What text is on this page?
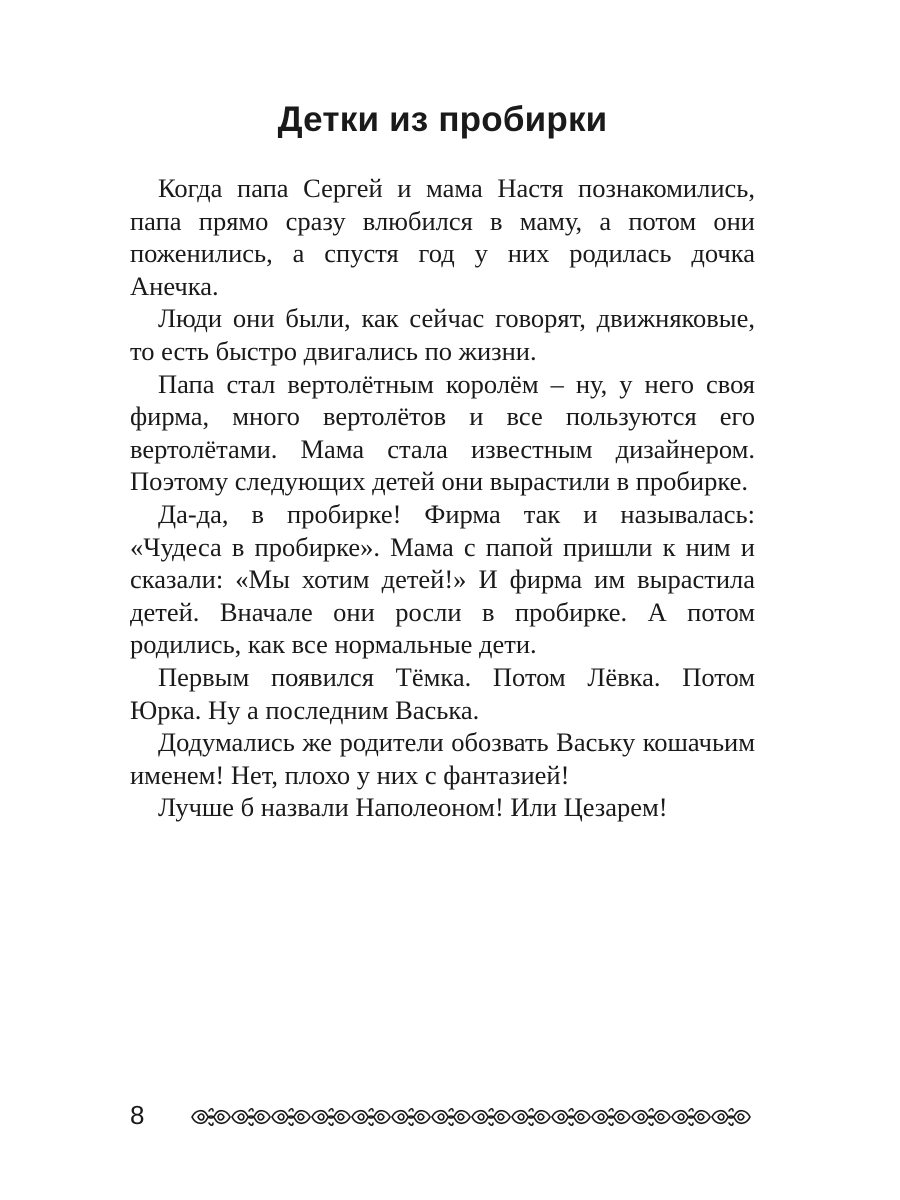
Детки из пробирки

Когда папа Сергей и мама Настя познакомились, папа прямо сразу влюбился в маму, а потом они поженились, а спустя год у них родилась дочка Анечка.

Люди они были, как сейчас говорят, движняковые, то есть быстро двигались по жизни.

Папа стал вертолётным королём – ну, у него своя фирма, много вертолётов и все пользуются его вертолётами. Мама стала известным дизайнером. Поэтому следующих детей они вырастили в пробирке.

Да-да, в пробирке! Фирма так и называлась: «Чудеса в пробирке». Мама с папой пришли к ним и сказали: «Мы хотим детей!» И фирма им вырастила детей. Вначале они росли в пробирке. А потом родились, как все нормальные дети.

Первым появился Тёмка. Потом Лёвка. Потом Юрка. Ну а последним Васька.

Додумались же родители обозвать Ваську кошачьим именем! Нет, плохо у них с фантазией!

Лучше б назвали Наполеоном! Или Цезарем!

8
